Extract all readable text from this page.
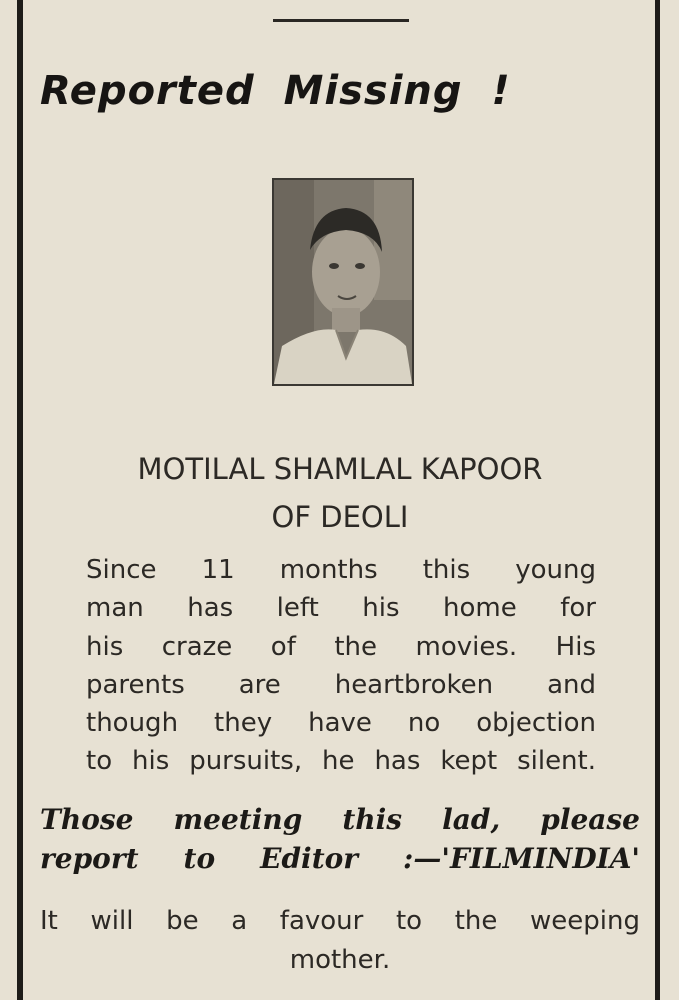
Reported Missing !
MOTILAL SHAMLAL KAPOOR
OF DEOLI
Since 11 months this young
man has left his home for
his craze of the movies. His
parents are heartbroken and
though they have no objection
to his pursuits, he has kept silent.
Those meeting this lad, please
report to Editor :—'FILMINDIA'
It will be a favour to the weeping
mother.
